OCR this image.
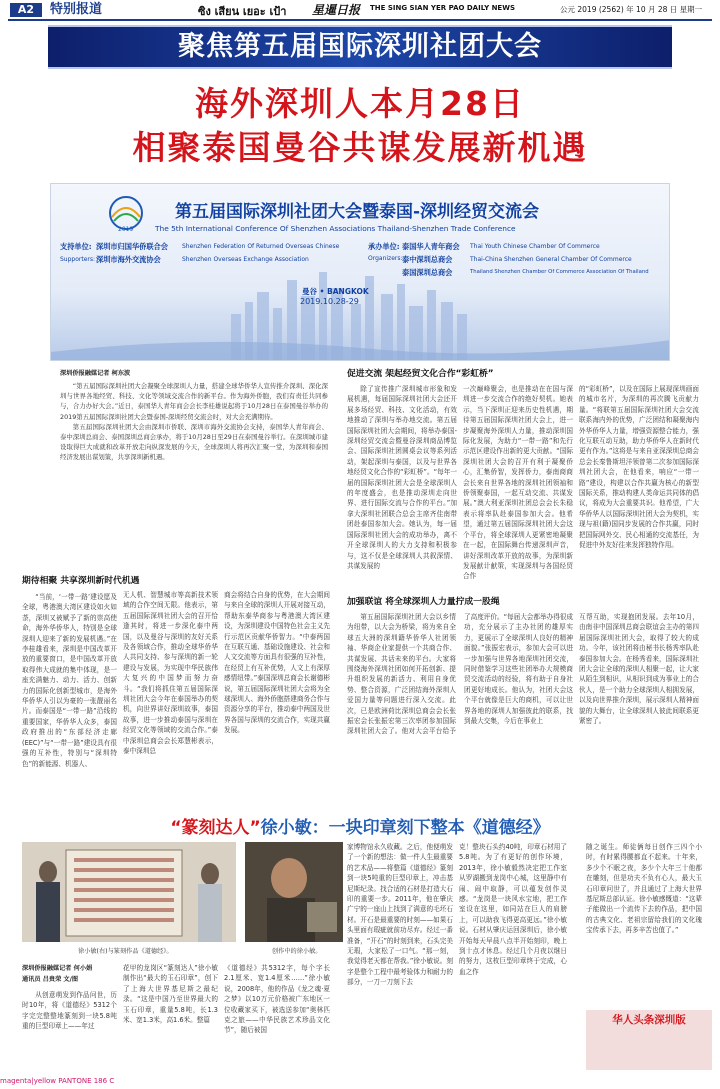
A2	特别报道	ซิง เสียน เยอะ เป้า 星暹日报 THE SING SIAN YER PAO DAILY NEWS	公元 2019 (2562) 年 10 月 28 日 星期一
聚焦第五届国际深圳社团大会
海外深圳人本月28日
相聚泰国曼谷共谋发展新机遇
2019
第五届国际深圳社团大会暨泰国-深圳经贸交流会
The 5th International Conference Of Shenzhen Associations Thailand-Shenzhen Trade Conference
支持单位:
Supporters:
深圳市归国华侨联合会
深圳市海外交流协会
Shenzhen Federation Of Returned Overseas Chinese
Shenzhen Overseas Exchange Association
承办单位:
Organizers:
泰国华人青年商会
泰中深圳总商会
泰国深圳总商会
Thai Youth Chinese Chamber Of Commerce
Thai-China Shenzhen General Chamber Of Commerce
Thailand Shenzhen Chamber Of Commerce Association Of Thailand
曼谷 • BANGKOK
2019.10.28-29
深圳侨报融媒记者 柯东波

“第五届国际深圳社团大会凝聚全球深圳人力量，搭建全球华侨华人宣传推介深圳、深化深圳与世界各地经贸、科技、文化等领域交流合作的新平台。作为海外侨胞，我们有责任共同参与，合力办好大会。”近日，泰国华人青年商会会长李桂雄说起将于10月28日在泰国曼谷举办的2019第五届国际深圳社团大会暨泰国-深圳经贸交流会时，对大会充满期待。

第五届国际深圳社团大会由深圳市侨联、深圳市海外交流协会支持，泰国华人青年商会、泰中深圳总商会、泰国深圳总商会承办，将于10月28日至29日在泰国曼谷举行。在深圳城市建设取得巨大成就和改革开放走向纵深发展的今天，全球深圳人将再次汇聚一堂，为深圳和泰国经济发展出谋划策，共享深圳新机遇。

期待相聚 共享深圳新时代机遇

“当前，‘一带一路’建设愿及全球，粤港澳大湾区建设如火如荼，深圳又被赋予了新的崇高使命，海外华侨华人，特别是全球深圳人迎来了新的发展机遇。”在李桂雄看来，深圳是中国改革开放的重要窗口，是中国改革开放取得伟大成就的集中体现，是一座充满魅力、动力、活力、创新力的国际化创新型城市，是海外华侨华人引以为豪的一张靓丽名片。而泰国是“一带一路”沿线的重要国家，华侨华人众多，泰国政府推出的“东部经济走廊(EEC)”与“一带一路”建设具有很强的互补性，特别与“深圳特色”的新能源、机器人、

无人机、智慧城市等高新技术领域的合作空间无限。他表示，第五届国际深圳社团大会的召开恰逢其时，将进一步深化泰中两国，以及曼谷与深圳的友好关系及各领域合作，推动全球华侨华人共同支持、参与深圳的新一轮建设与发展，为实现中华民族伟大复兴的中国梦而努力奋斗。“我们将抓住第五届国际深圳社团大会今年在泰国举办的契机，向世界讲好深圳故事，泰国故事，进一步推动泰国与深圳在经贸文化等领域的交流合作。”泰中深圳总商会会长郑慧彬表示，泰中深圳总

商会将结合自身的优势，在大会期间与来自全球的深圳人开展对接互动，帮助东泰华商参与粤港澳大湾区建设，为深圳建设中国特色社会主义先行示范区贡献华侨智力。“中泰两国在互联互通、基础设施建设、社会和人文交流等方面具有很强的互补性，在经贸上有互补优势，人文上有深厚感情纽带。”泰国深圳总商会长谢德彬说，第五届国际深圳社团大会将为全球深圳人、海外侨胞搭建商务合作与资源分享的平台，推动泰中两国及世界各国与深圳的交流合作，实现共赢发展。

促进交流 架起经贸文化合作“彩虹桥”

除了宣传推广深圳城市形象和发展机遇，每届国际深圳社团大会还开展多场经贸、科技、文化活动，有效地推动了深圳与举办地交流。第五届国际深圳社团大会期间，将举办泰国-深圳经贸交流会暨曼谷深圳商品博览会、国际深圳社团圆桌会议等系列活动，架起深圳与泰国，以及与世界各地经贸文化合作的“彩虹桥”。“每年一届的国际深圳社团大会是全球深圳人的年度盛会，也是推动深圳走向世界、进行国际交流与合作的平台。”加拿大深圳社团联合总会主席齐佳南带团赴泰国参加大会。她认为，每一届国际深圳社团大会的成功举办，离不开全球深圳人的大力支持和积极参与，这不仅是全球深圳人共叙深情、共谋发展的

一次巅峰聚会，也是推动在在国与深圳进一步交流合作的绝好契机。她表示，当下深圳正迎来历史性机遇，期待第五届国际深圳社团大会上，进一步凝聚海外深圳人力量，推动深圳国际化发展，为助力“一带一路”和先行示范区建设作出新的更大贡献。“国际深圳社团大会的召开有利于凝聚侨心，汇集侨智，发挥侨力，泰南商商会长来自世界各地的深圳社团领袖和侨领聚泰国，一起互动交流、共谋发展。”澳大利亚深圳社团总会会长朱稳表示将率队赴泰国参加大会。他希望，通过第五届国际深圳社团大会这个平台，将全球深圳人更紧密地凝聚在一起，在国际舞台传递深圳声音，讲好深圳改革开放的故事，为深圳新发展献计献策，实现深圳与各国经贸合作

的“彩虹桥”，以及在国际上展现深圳画面的城市名片，为深圳的再次腾飞贡献力量。“将联第五届国际深圳社团大会交流联系海内外的优势，广泛团结和凝聚海内外华侨华人力量，增强资源整合能力，强化互联互动互助，助力华侨华人在新时代更有作为。”这将是与来自亚深深圳总商会总会长秦鲁斯坦洋领曾第二次参加国际深圳社团大会，在他看来，响应“一带一路”建设，构建以合作共赢为核心的新型国际关系，推动构建人类命运共同体的倡议，将成为大会重要共识。他希望，广大华侨华人以国际深圳社团大会为契机，实现与祖(籍)国同步发展的合作共赢，同时把国际网外交、民心相通的交流基任，为促进中外友好往来发挥独特作用。

加强联谊 将全球深圳人力量拧成一股绳

第五届国际深圳社团大会以乡情为纽带，以大会为桥梁，将为来自全球五大洲的深圳籍华侨华人社团领袖、华商企业家提供一个共商合作、共谋发展、共话未来的平台。大家将围绕海外深圳社团如何开拓创新、提升组织发展的新活力、利用自身优势、整合资源，广泛团结海外深圳人爱国力量等问题进行深入交流。此次，已是欧洲荷比深圳总商会会长张振宏会长张振宏第三次率团参加国际深圳社团大会了。他对大会平台给予了高度评价。“每届大会都举办得很成功，充分展示了主办社团的雄厚实力，更展示了全球深圳人良好的精神面貌。”张振宏表示，参加大会可以进一步加强与世界各地深圳社团交流，同时借鉴学习这些社团举办大规模商贸交流活动的经验，将有助于自身社团更好地成长。他认为，社团大会这个平台就像是巨大的商机，可以让世界各地的深圳人加强彼此的联系，找到最大交集，今后在事业上

互帮互助，实现抱团发展。去年10月，由南非中国深圳总商会联谊会主办的第四届国际深圳社团大会，取得了较大的成功。今年，该社团将由秘书长杨秀率队赴泰国参加大会。在杨秀看来，国际深圳社团大会让全球的深圳人相聚一起，让大家从陌生到相识，从相识到成为事业上的合伙人，是一个助力全球深圳人相拥发展，以及向世界推介深圳，展示深圳人精神面貌的大舞台，让全球深圳人彼此间联系更紧密了。

“篆刻达人”徐小敏：一块印章刻下整本《道德经》
徐小敏(右)与篆刻作品《道德经》。	创作中的徐小敏。
深圳侨报融媒记者 何小娟
通讯员 吕贵荣 文/图

从创意萌发到作品问世，历时10年，将《道德经》5312个字完完整整地篆刻到一块5.8吨重的巨型印章上——年过

花甲的龙岗区“篆刻达人”徐小敏制作出“最大的玉石印章”，创下了上海大世界基尼斯之最纪录。“这是中国乃至世界最大的玉石印章，重量5.8吨，长1.3米、宽1.3米，高1.6米。整篇

《道德经》共5312字，每个字长2.1厘米、宽1.4厘米……”徐小敏说，2008年，他的作品《龙之魂·夏之梦》以10万元价格被广东地区一位收藏家买下，被选送参加“奥林匹克之旅——中华民族艺术珍品文化节”，随后被国

家博物馆永久收藏。之后，他便萌发了一个新的想法：做一件人生最重要的艺术品——将整篇《道德经》篆刻到一块5吨重的巨型印章上，冲击基尼斯纪录。找合适的石材是打造大石印的重要一步。2011年，他在肇庆广宁的一座山上找到了满意的毛坯石材。开石是最重要的时刻——如果石头里面有瑕疵就前功尽弃。经过一番准备，“开石”的时刻到来，石头完美无瑕，大家松了一口气。“那一刻，我觉得老天都在帮我。”徐小敏说。刻字是整个工程中最考验体力和耐力的部分，一刀一刀刻下去

克！整块石头约40吨，印章石材用了5.8吨。为了有更好的创作环境，2013年，徐小敏毅然决定把工作室从罗湖搬到龙岗中心城，这里静中有闹、闹中取静，可以蕴发创作灵感。“龙岗是一块风水宝地，把工作室设在这里，如同站在巨人的肩膀上，可以助我飞得更高更远。”徐小敏说。石材从肇庆运回深圳后，徐小敏开始每天早晨八点半开始刻印，晚上到十点才休息。经过几个月夜以继日的努力，这枚巨型印章终于完成，心血之作

随之诞生。师徒俩每日创作三四个小时，有时累得腰都直不起来。十年来，多少个不眠之夜，多少个大年三十他都在雕刻，但是功夫不负有心人，最大玉石印章问世了，并且通过了上海大世界基尼斯总部认证。徐小敏感慨道：“这辈子能做出一个流传下去的作品，把中国的古典文化、老祖宗留给我们的文化瑰宝传承下去，再多辛苦也值了。”

华人头条深圳版
magenta|yellow PANTONE 186 C
